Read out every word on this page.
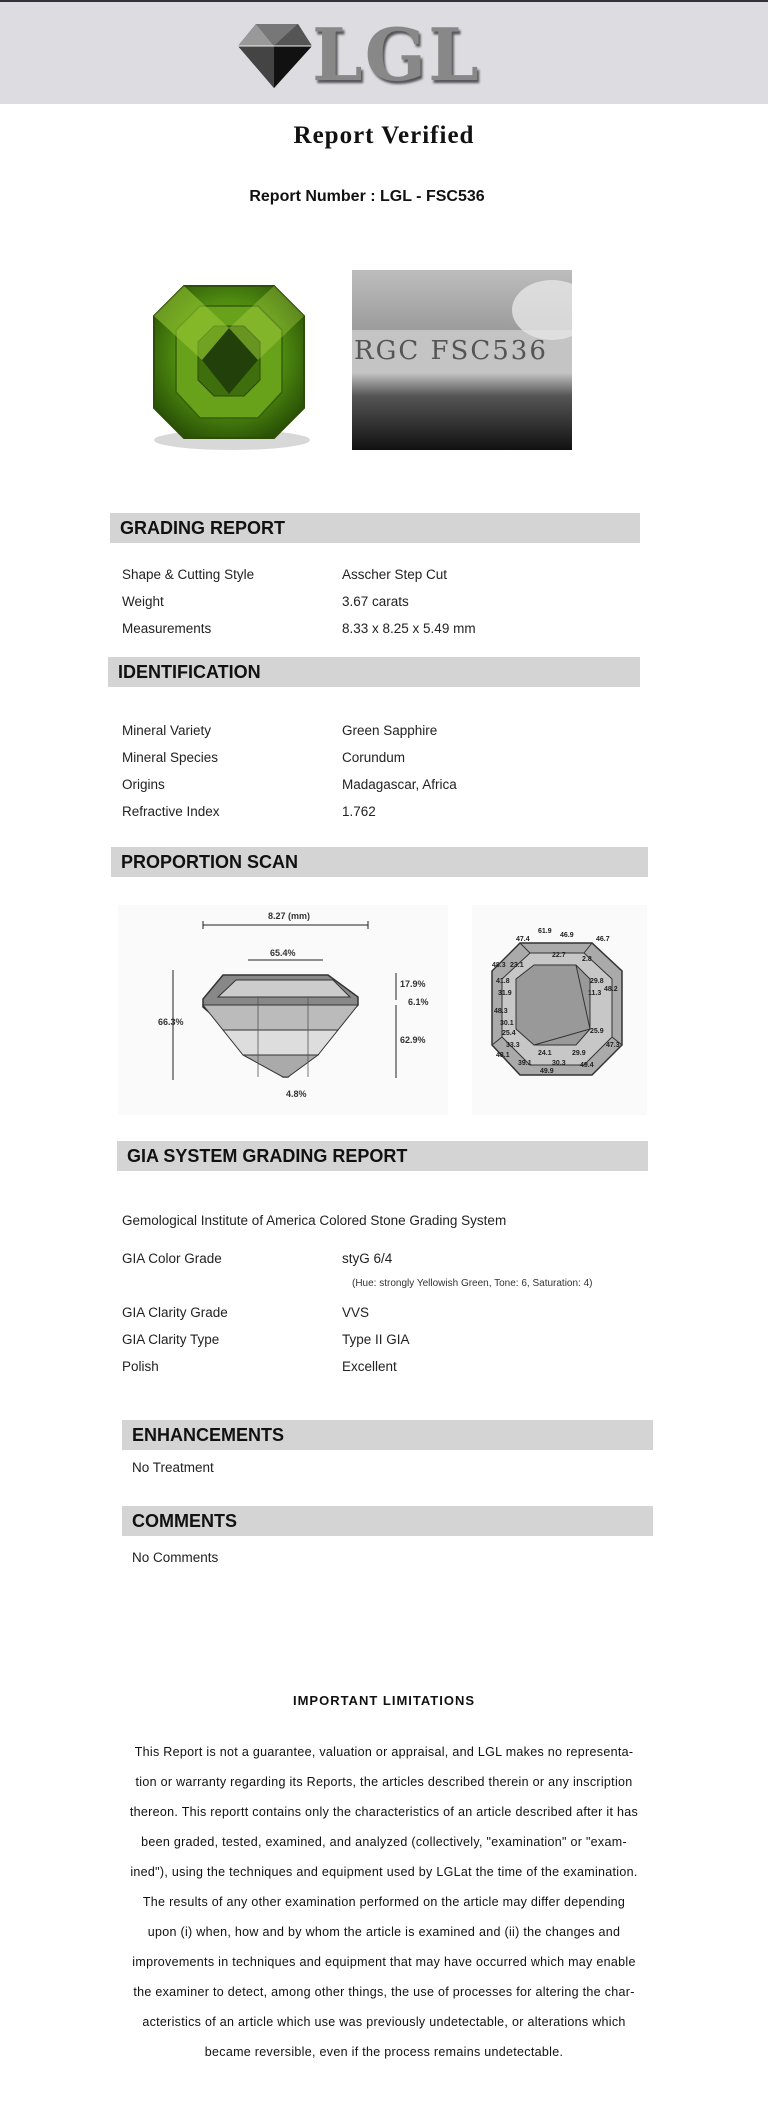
LGL
Report Verified
Report Number : LGL - FSC536
RGC FSC536
GRADING REPORT
Shape & Cutting Style	Asscher Step Cut
Weight	3.67 carats
Measurements	8.33 x 8.25 x 5.49 mm
IDENTIFICATION
Mineral Variety	Green Sapphire
Mineral Species	Corundum
Origins	Madagascar, Africa
Refractive Index	1.762
PROPORTION SCAN
8.27 (mm)
65.4%
66.3%
17.9%
6.1%
62.9%
4.8%
61.9
47.4
46.9
46.7
48.3 23.1
22.7
2.8
41.8	29.8
31.9	11.3
48.2
48.3
30.1
25.4	25.9
33.3	47.3
48.1	24.1	29.9
39.1	30.3 49.4
49.9
GIA SYSTEM GRADING REPORT
Gemological Institute of America Colored Stone Grading System
GIA Color Grade	styG 6/4
(Hue: strongly Yellowish Green, Tone: 6, Saturation: 4)
GIA Clarity Grade	VVS
GIA Clarity Type	Type II GIA
Polish	Excellent
ENHANCEMENTS
No Treatment
COMMENTS
No Comments
IMPORTANT LIMITATIONS
This Report is not a guarantee, valuation or appraisal, and LGL makes no representa-
tion or warranty regarding its Reports, the articles described therein or any inscription
thereon. This reportt contains only the characteristics of an article described after it has
been graded, tested, examined, and analyzed (collectively, "examination" or "exam-
ined"), using the techniques and equipment used by LGLat the time of the examination.
The results of any other examination performed on the article may differ depending
upon (i) when, how and by whom the article is examined and (ii) the changes and
improvements in techniques and equipment that may have occurred which may enable
the examiner to detect, among other things, the use of processes for altering the char-
acteristics of an article which use was previously undetectable, or alterations which
became reversible, even if the process remains undetectable.
